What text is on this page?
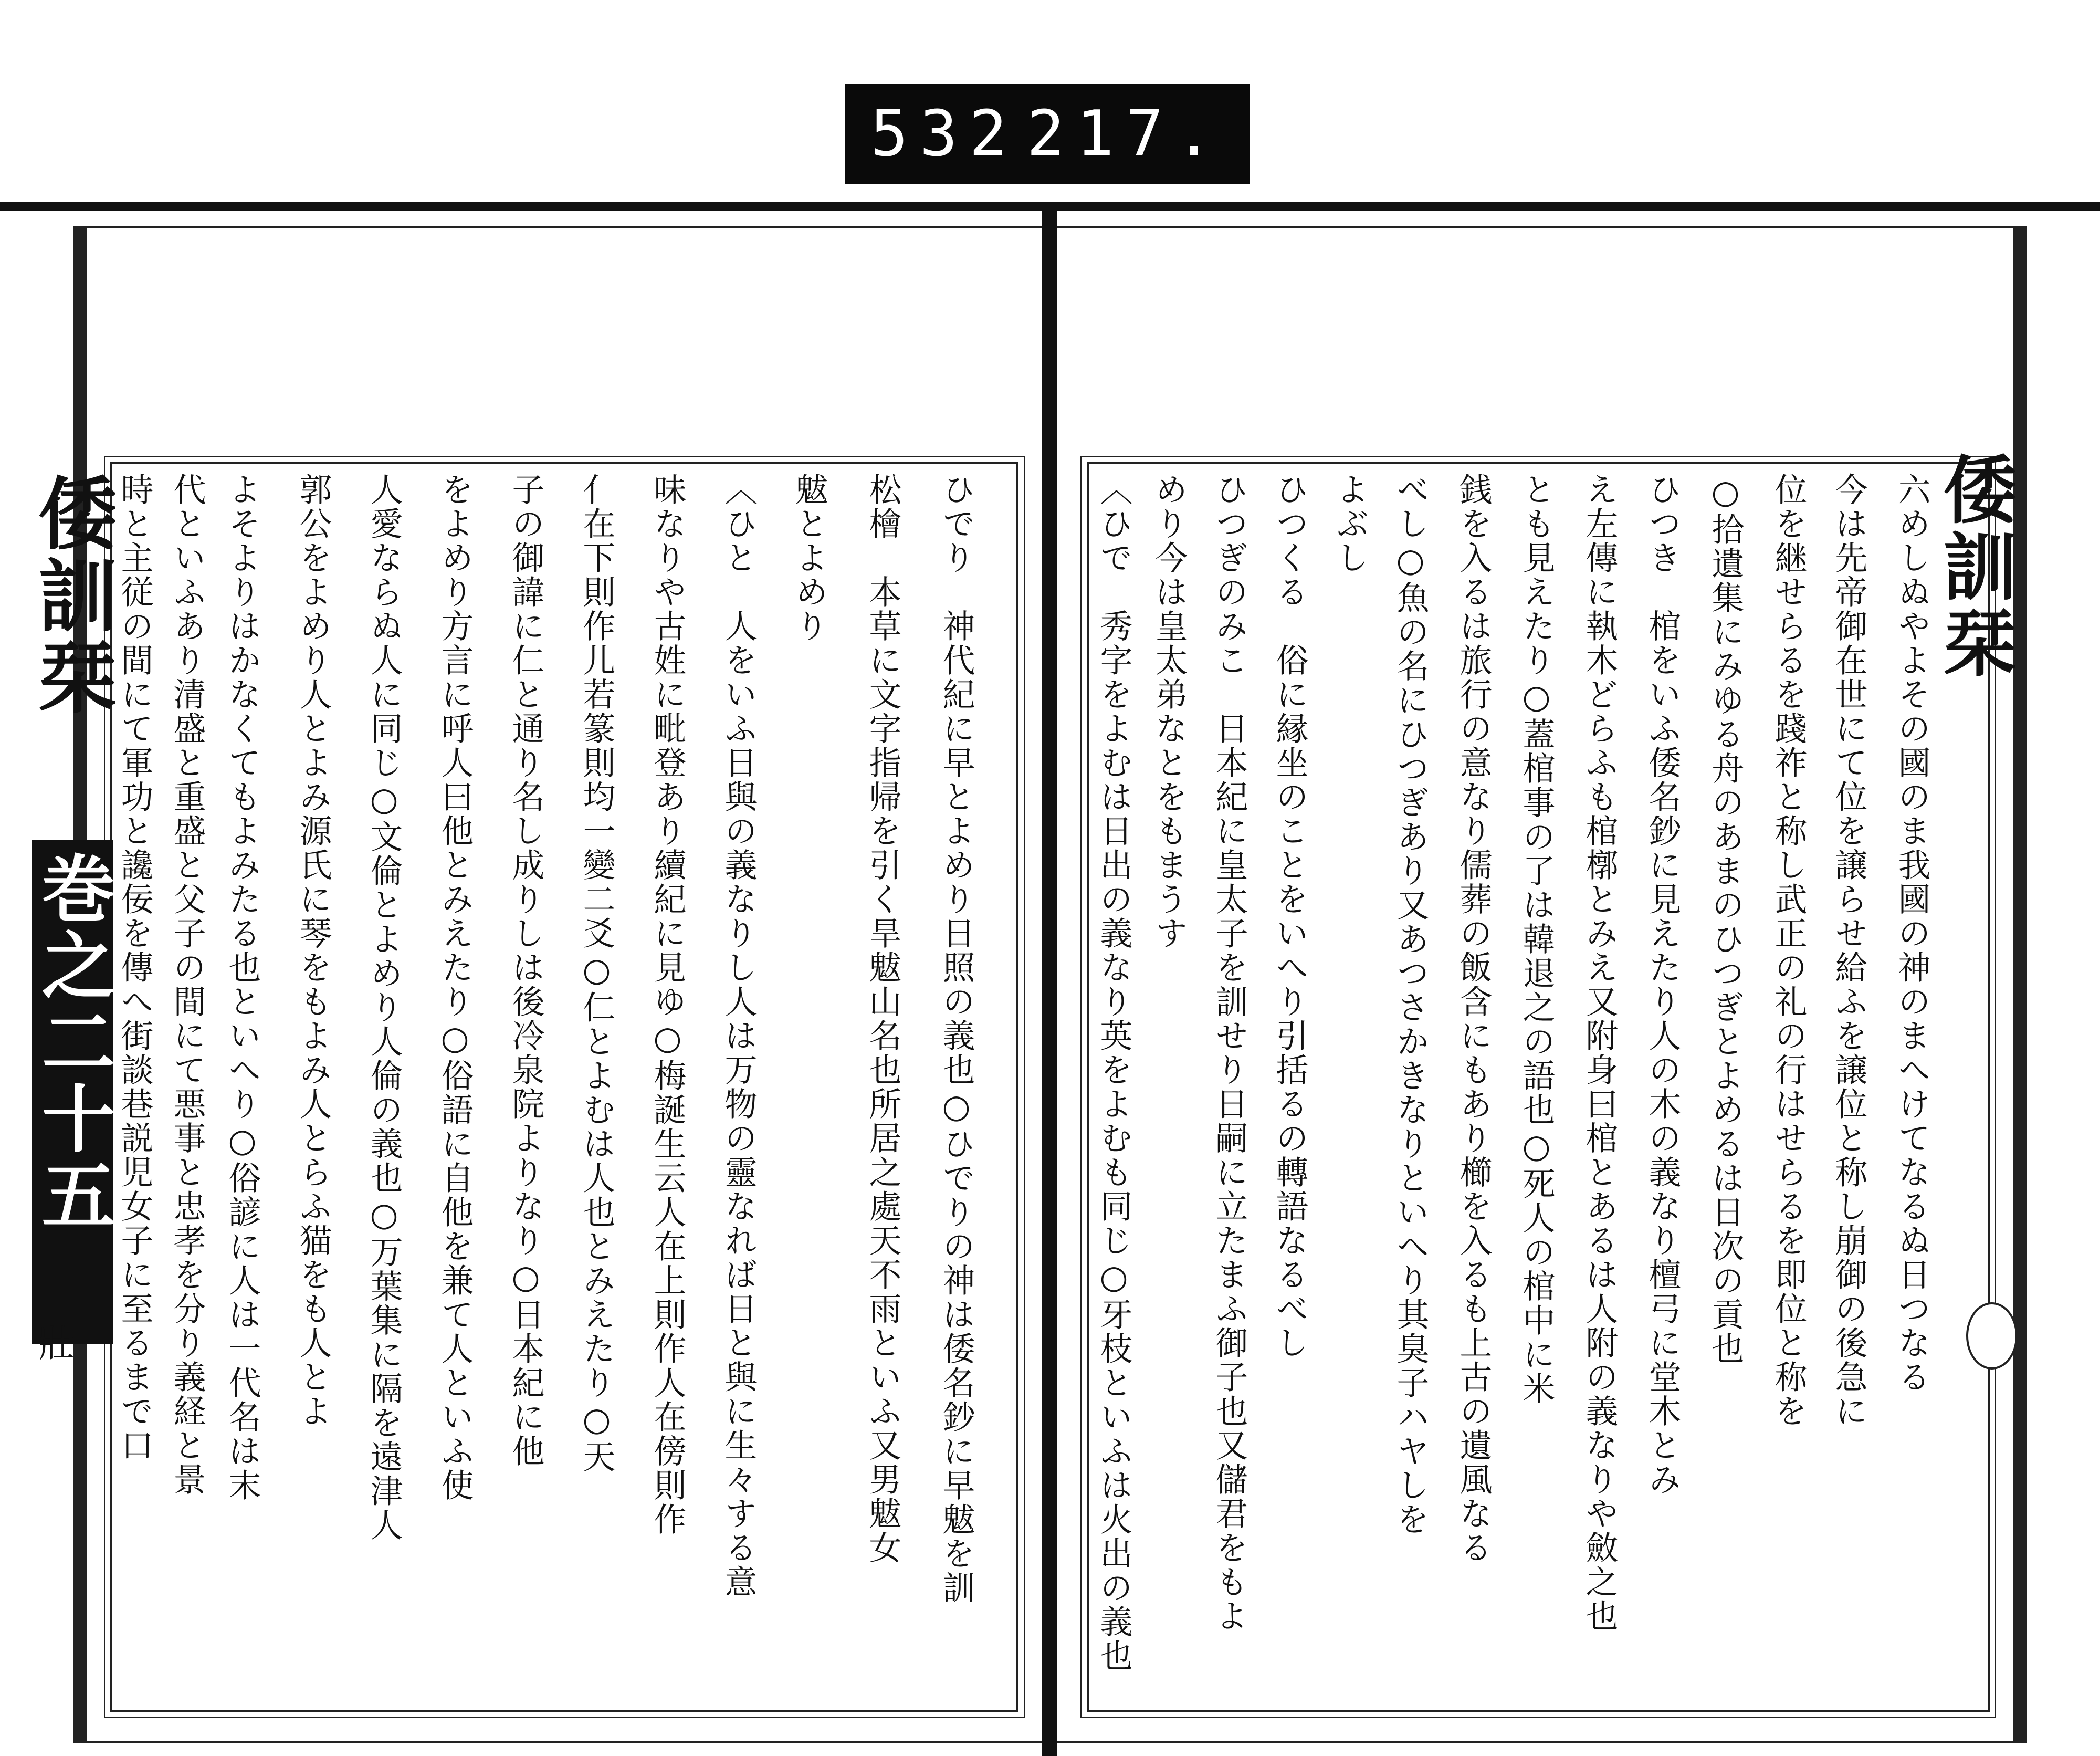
532 217.
倭訓栞
巻之二十五
壯
倭訓栞
ひでり　神代紀に早とよめり日照の義也○ひでりの神は倭名鈔に早魃を訓
松檜　本草に文字指帰を引く旱魃山名也所居之處天不雨といふ又男魃女
魃とよめり
〈ひと　人をいふ日與の義なりし人は万物の靈なれば日と與に生々する意
味なりや古姓に毗登あり續紀に見ゆ○梅誕生云人在上則作人在傍則作
亻在下則作儿若篆則均一變二爻○仁とよむは人也とみえたり○天
子の御諱に仁と通り名し成りしは後冷泉院よりなり○日本紀に他
をよめり方言に呼人曰他とみえたり○俗語に自他を兼て人といふ使
人愛ならぬ人に同じ○文倫とよめり人倫の義也○万葉集に隔を遠津人
郭公をよめり人とよみ源氏に琴をもよみ人とらふ猫をも人とよ
よそよりはかなくてもよみたる也といへり○俗諺に人は一代名は末
代といふあり清盛と重盛と父子の間にて悪事と忠孝を分り義経と景
時と主従の間にて軍功と讒佞を傳へ街談巷説児女子に至るまで口	六めしぬやよその國のま我國の神のまへけてなるぬ日つなる
今は先帝御在世にて位を譲らせ給ふを譲位と称し崩御の後急に
位を継せらるを踐祚と称し武正の礼の行はせらるを即位と称を
○拾遺集にみゆる舟のあまのひつぎとよめるは日次の貢也
ひつき　棺をいふ倭名鈔に見えたり人の木の義なり檀弓に堂木とみ
え左傳に執木どらふも棺槨とみえ又附身曰棺とあるは人附の義なりや斂之也
とも見えたり○蓋棺事の了は韓退之の語也○死人の棺中に米
銭を入るは旅行の意なり儒葬の飯含にもあり櫛を入るも上古の遺風なる
べし○魚の名にひつぎあり又あつさかきなりといへり其臭子ハヤしを
よぶし
ひつくる　俗に縁坐のことをいへり引括るの轉語なるべし
ひつぎのみこ　日本紀に皇太子を訓せり日嗣に立たまふ御子也又儲君をもよ
めり今は皇太弟なとをもまうす
〈ひで　秀字をよむは日出の義なり英をよむも同じ○牙枝といふは火出の義也
